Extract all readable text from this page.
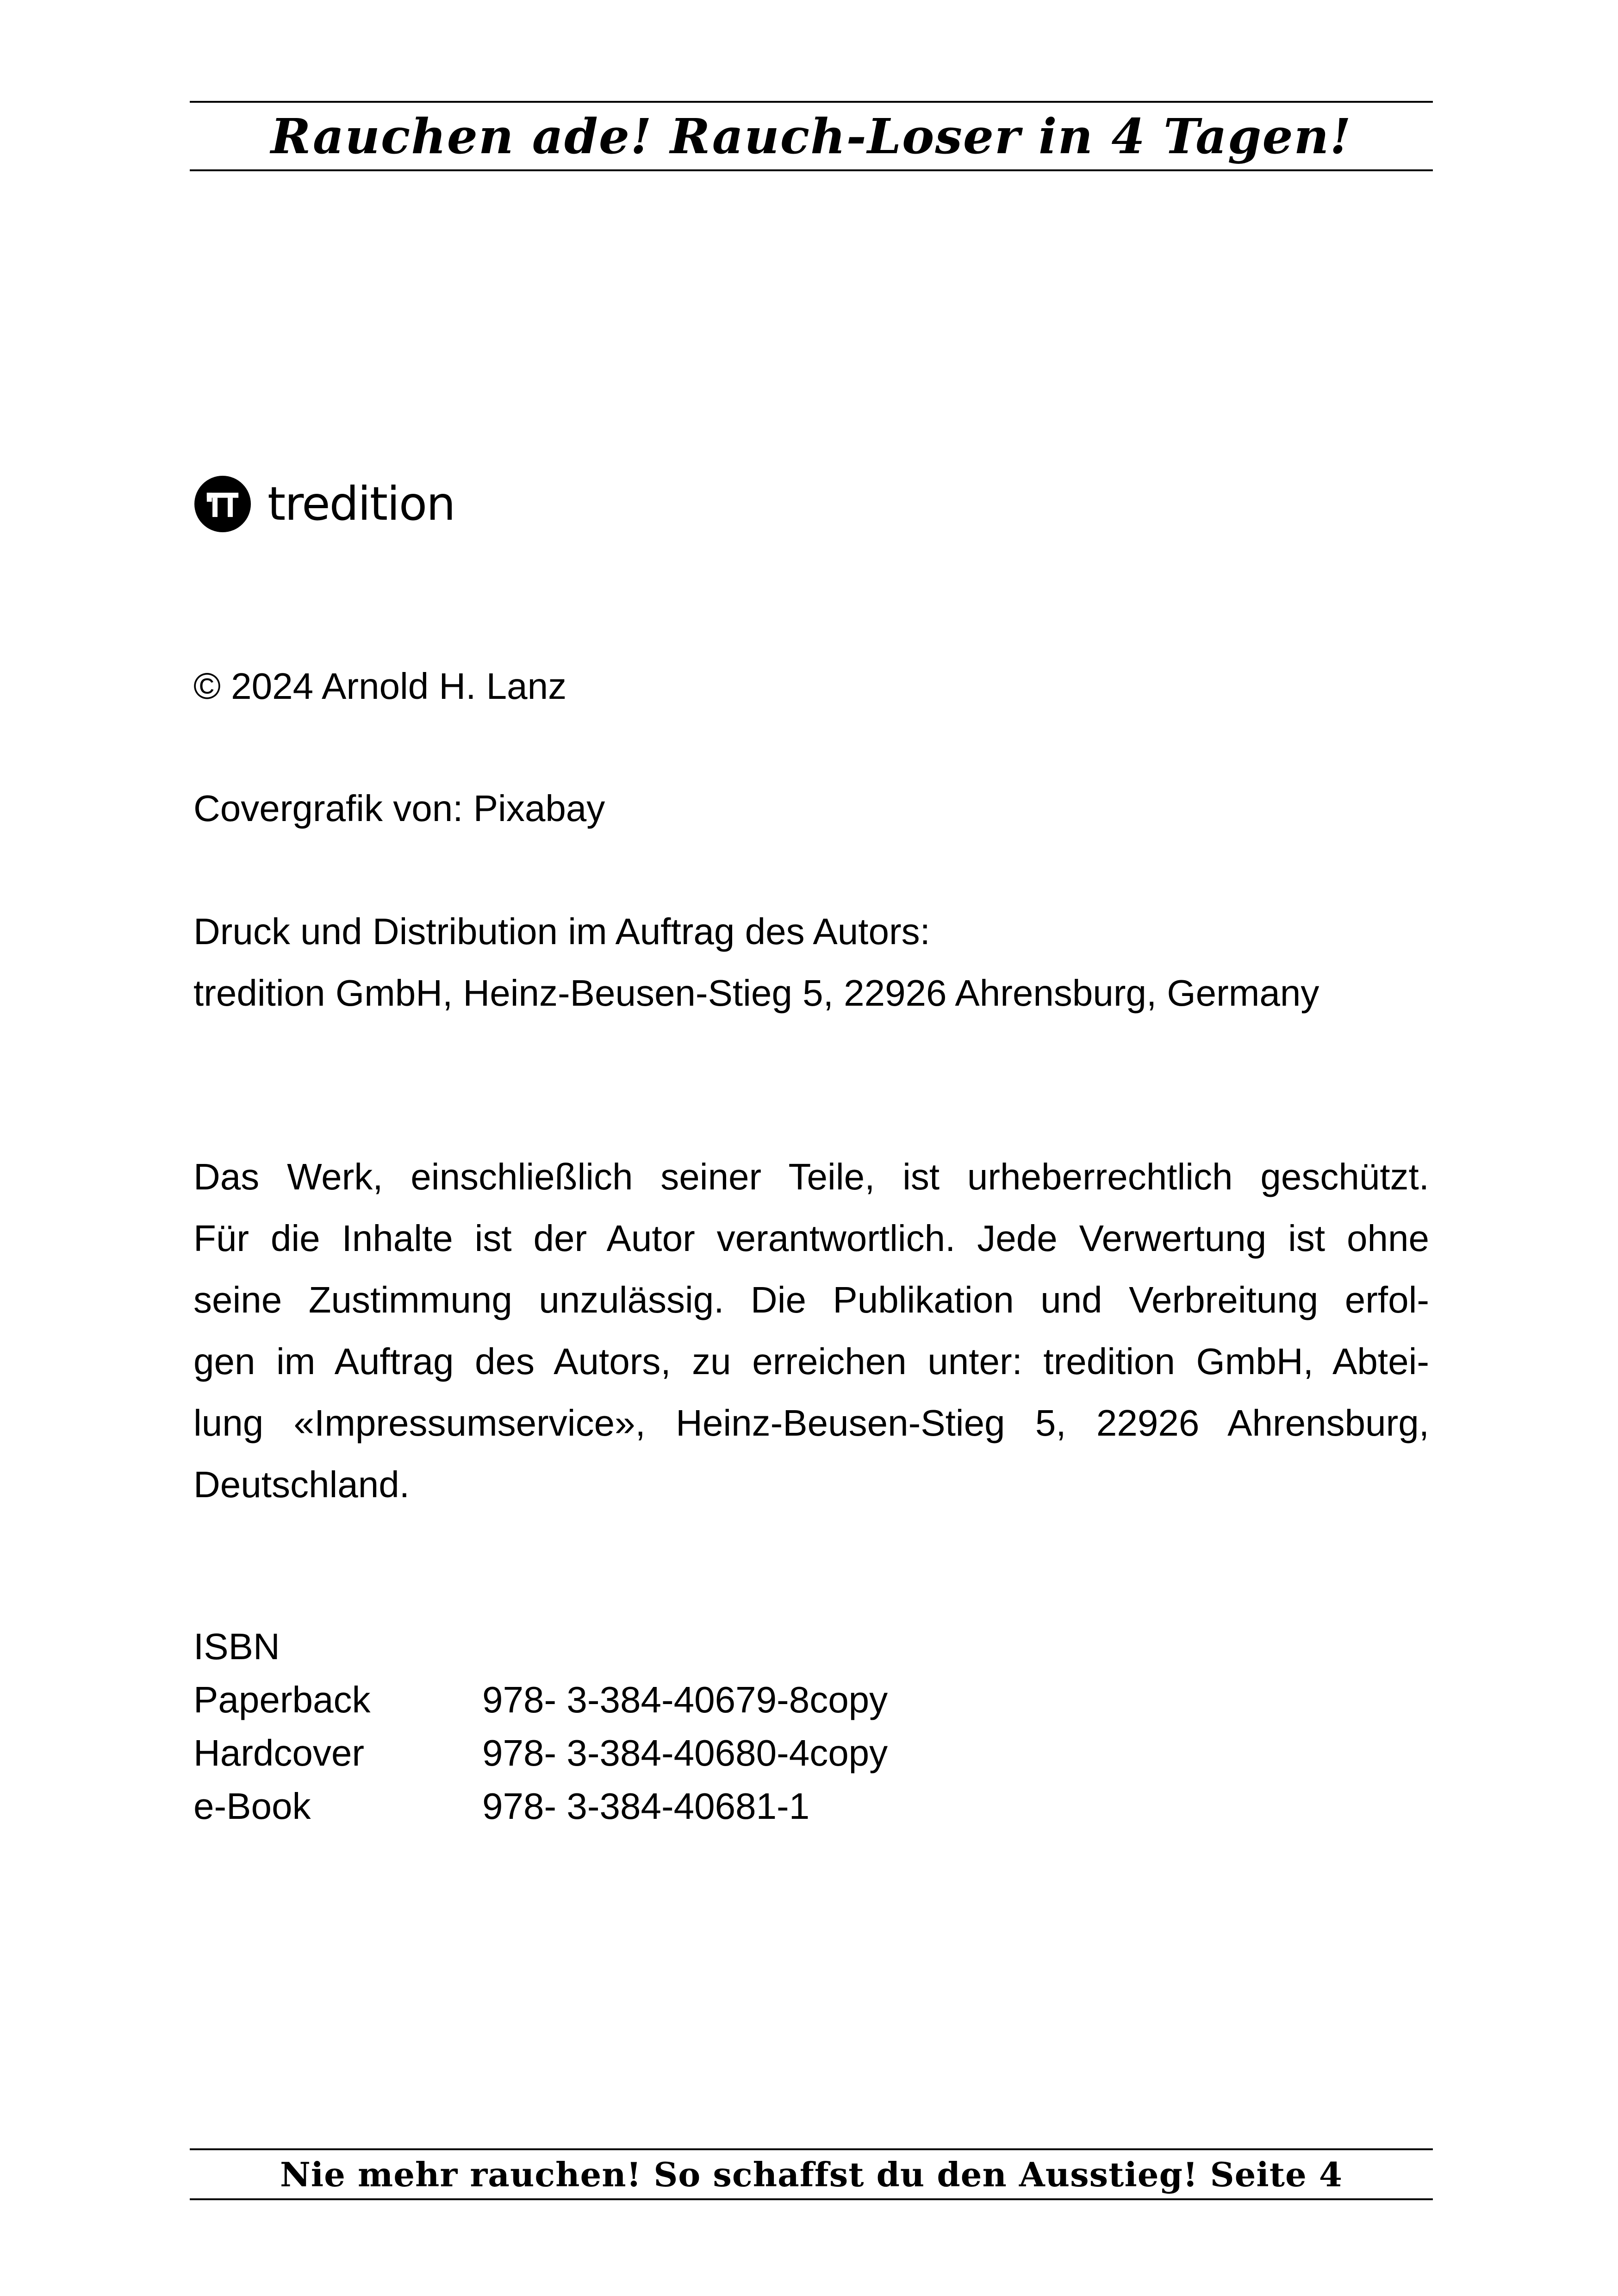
Rauchen ade! Rauch-Loser in 4 Tagen!
tredition
© 2024 Arnold H. Lanz
Covergrafik von: Pixabay
Druck und Distribution im Auftrag des Autors:
tredition GmbH, Heinz-Beusen-Stieg 5, 22926 Ahrensburg, Germany
Das Werk, einschließlich seiner Teile, ist urheberrechtlich geschützt.
Für die Inhalte ist der Autor verantwortlich. Jede Verwertung ist ohne
seine Zustimmung unzulässig. Die Publikation und Verbreitung erfol-
gen im Auftrag des Autors, zu erreichen unter: tredition GmbH, Abtei-
lung «Impressumservice», Heinz-Beusen-Stieg 5, 22926 Ahrensburg,
Deutschland.
ISBN
Paperback	978- 3-384-40679-8copy
Hardcover	978- 3-384-40680-4copy
e-Book	978- 3-384-40681-1
Nie mehr rauchen! So schaffst du den Ausstieg! Seite 4
